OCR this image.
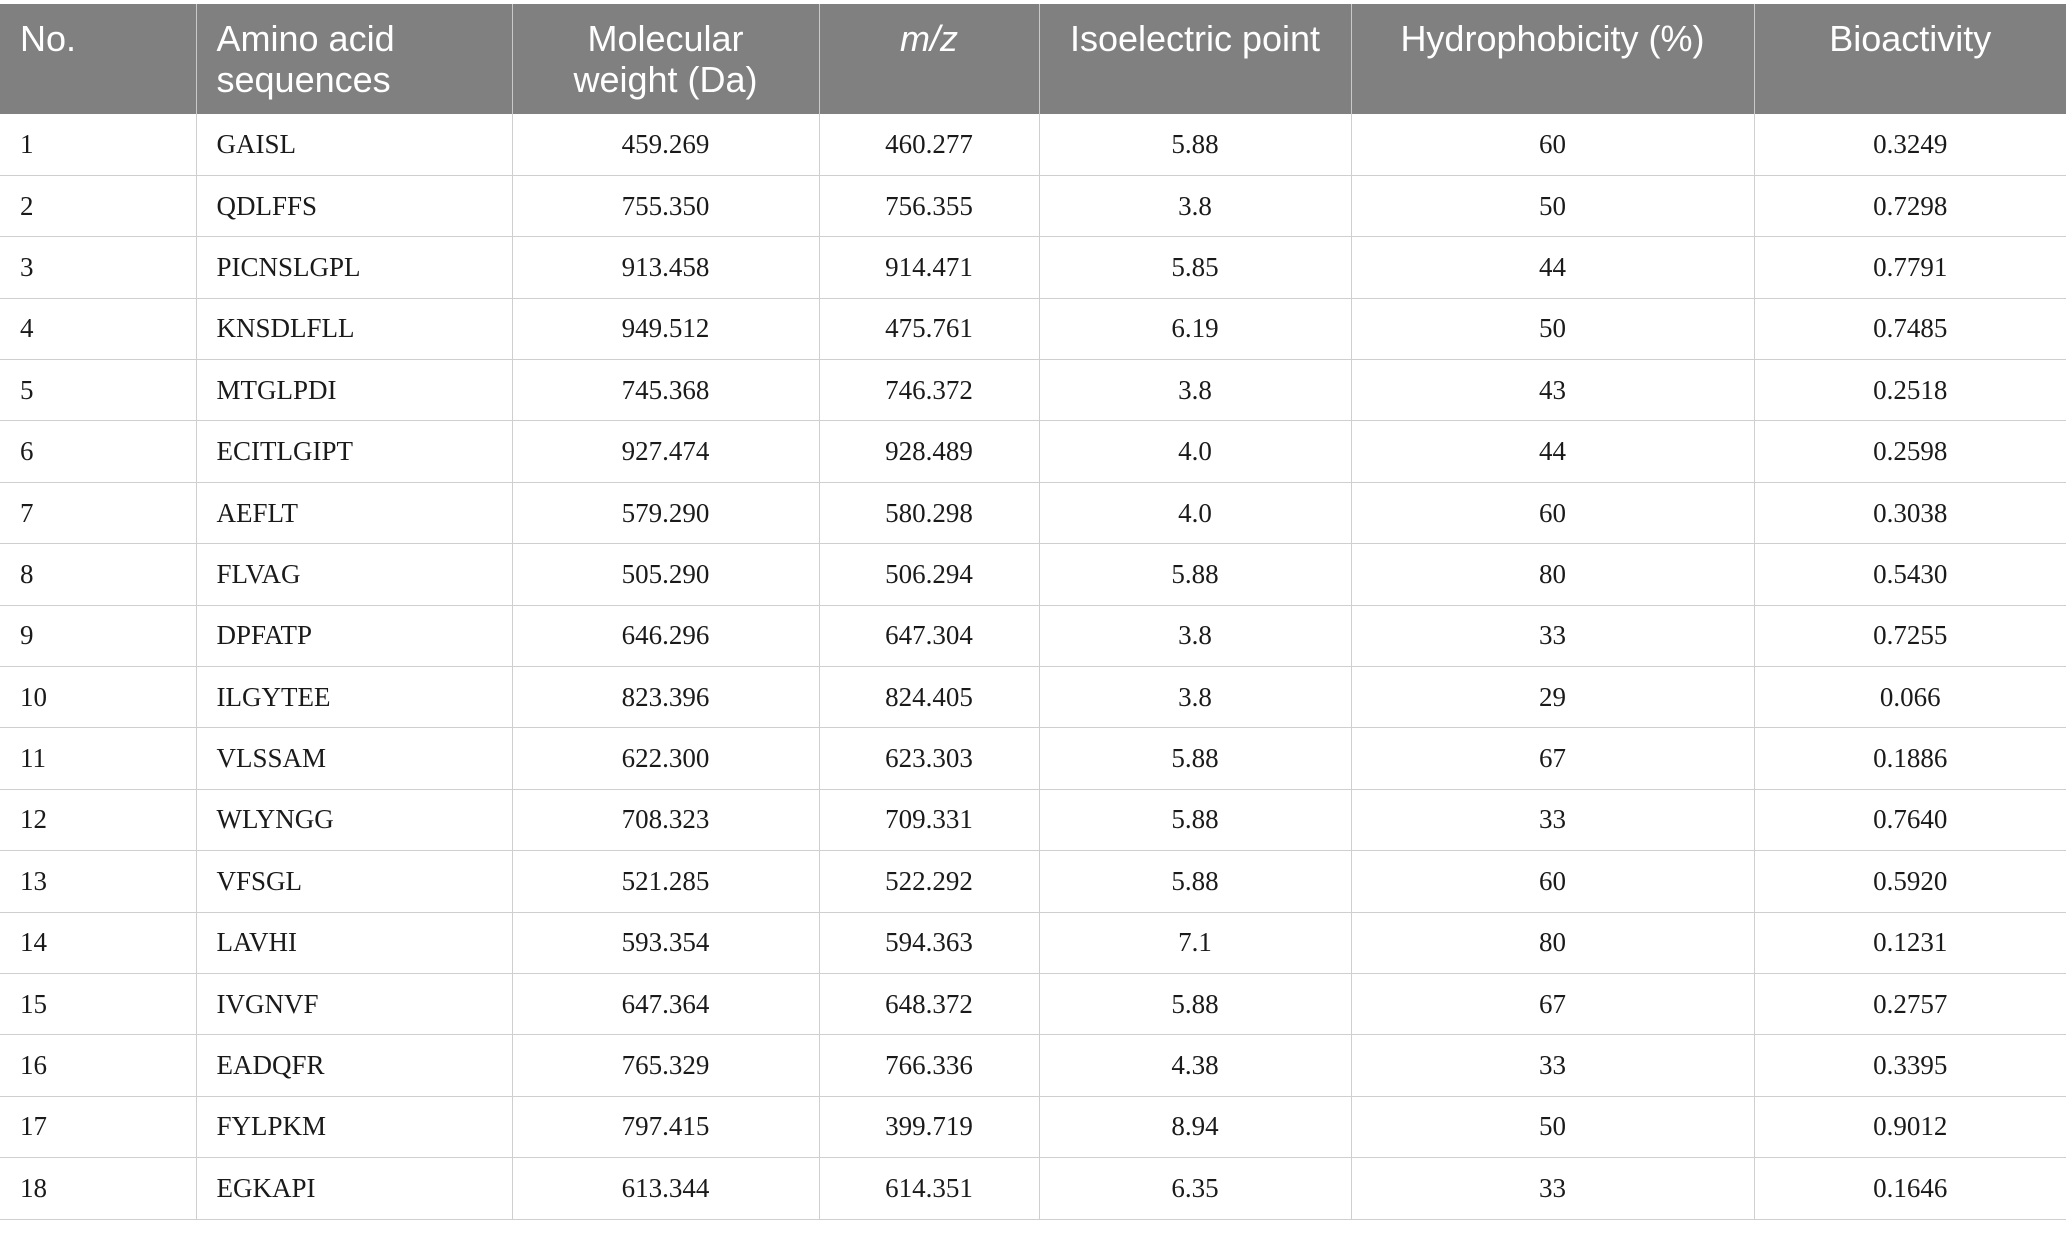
No.	Amino acid sequences	Molecular weight (Da)	m/z	Isoelectric point	Hydrophobicity (%)	Bioactivity
1	GAISL	459.269	460.277	5.88	60	0.3249
2	QDLFFS	755.350	756.355	3.8	50	0.7298
3	PICNSLGPL	913.458	914.471	5.85	44	0.7791
4	KNSDLFLL	949.512	475.761	6.19	50	0.7485
5	MTGLPDI	745.368	746.372	3.8	43	0.2518
6	ECITLGIPT	927.474	928.489	4.0	44	0.2598
7	AEFLT	579.290	580.298	4.0	60	0.3038
8	FLVAG	505.290	506.294	5.88	80	0.5430
9	DPFATP	646.296	647.304	3.8	33	0.7255
10	ILGYTEE	823.396	824.405	3.8	29	0.066
11	VLSSAM	622.300	623.303	5.88	67	0.1886
12	WLYNGG	708.323	709.331	5.88	33	0.7640
13	VFSGL	521.285	522.292	5.88	60	0.5920
14	LAVHI	593.354	594.363	7.1	80	0.1231
15	IVGNVF	647.364	648.372	5.88	67	0.2757
16	EADQFR	765.329	766.336	4.38	33	0.3395
17	FYLPKM	797.415	399.719	8.94	50	0.9012
18	EGKAPI	613.344	614.351	6.35	33	0.1646
